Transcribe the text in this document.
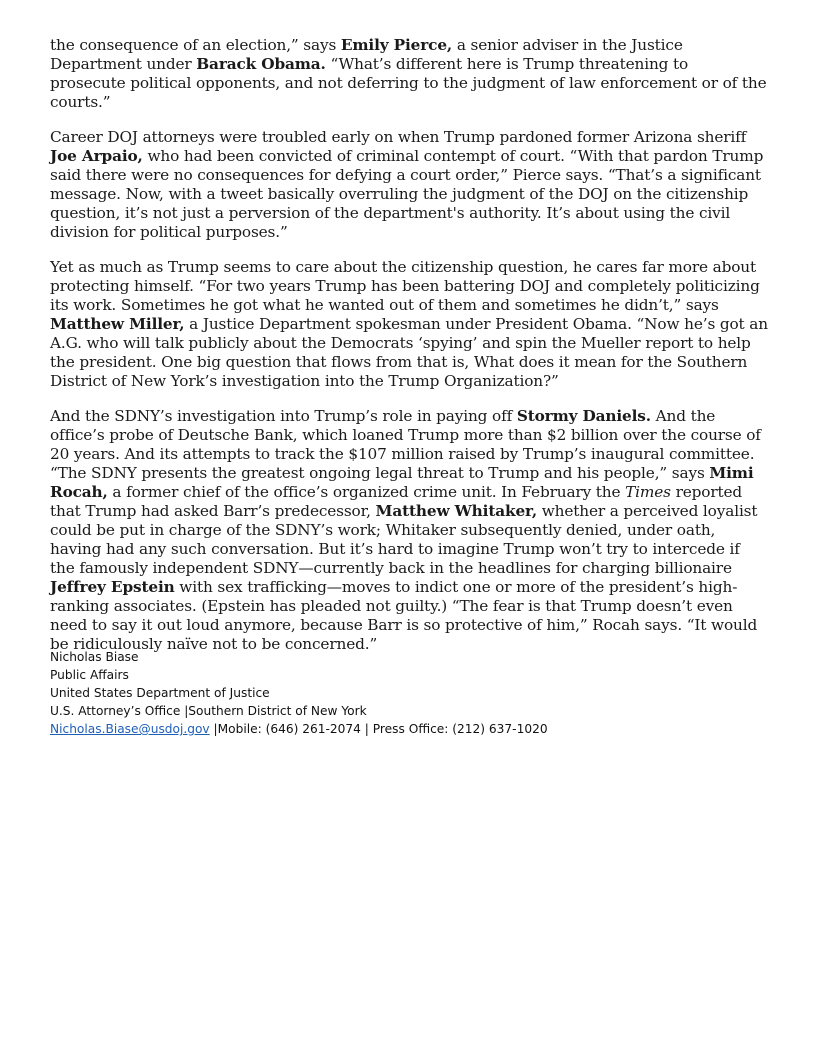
the consequence of an election,” says Emily Pierce, a senior adviser in the Justice Department under Barack Obama. “What’s different here is Trump threatening to prosecute political opponents, and not deferring to the judgment of law enforcement or of the courts.”

Career DOJ attorneys were troubled early on when Trump pardoned former Arizona sheriff Joe Arpaio, who had been convicted of criminal contempt of court. “With that pardon Trump said there were no consequences for defying a court order,” Pierce says. “That’s a significant message. Now, with a tweet basically overruling the judgment of the DOJ on the citizenship question, it’s not just a perversion of the department's authority. It’s about using the civil division for political purposes.”

Yet as much as Trump seems to care about the citizenship question, he cares far more about protecting himself. “For two years Trump has been battering DOJ and completely politicizing its work. Sometimes he got what he wanted out of them and sometimes he didn’t,” says Matthew Miller, a Justice Department spokesman under President Obama. “Now he’s got an A.G. who will talk publicly about the Democrats ‘spying’ and spin the Mueller report to help the president. One big question that flows from that is, What does it mean for the Southern District of New York’s investigation into the Trump Organization?”

And the SDNY’s investigation into Trump’s role in paying off Stormy Daniels. And the office’s probe of Deutsche Bank, which loaned Trump more than $2 billion over the course of 20 years. And its attempts to track the $107 million raised by Trump’s inaugural committee. “The SDNY presents the greatest ongoing legal threat to Trump and his people,” says Mimi Rocah, a former chief of the office’s organized crime unit. In February the Times reported that Trump had asked Barr’s predecessor, Matthew Whitaker, whether a perceived loyalist could be put in charge of the SDNY’s work; Whitaker subsequently denied, under oath, having had any such conversation. But it’s hard to imagine Trump won’t try to intercede if the famously independent SDNY—currently back in the headlines for charging billionaire Jeffrey Epstein with sex trafficking—moves to indict one or more of the president’s high-ranking associates. (Epstein has pleaded not guilty.) “The fear is that Trump doesn’t even need to say it out loud anymore, because Barr is so protective of him,” Rocah says. “It would be ridiculously naïve not to be concerned.”

Nicholas Biase
Public Affairs
United States Department of Justice
U.S. Attorney’s Office |Southern District of New York
Nicholas.Biase@usdoj.gov |Mobile: (646) 261-2074 | Press Office: (212) 637-1020
